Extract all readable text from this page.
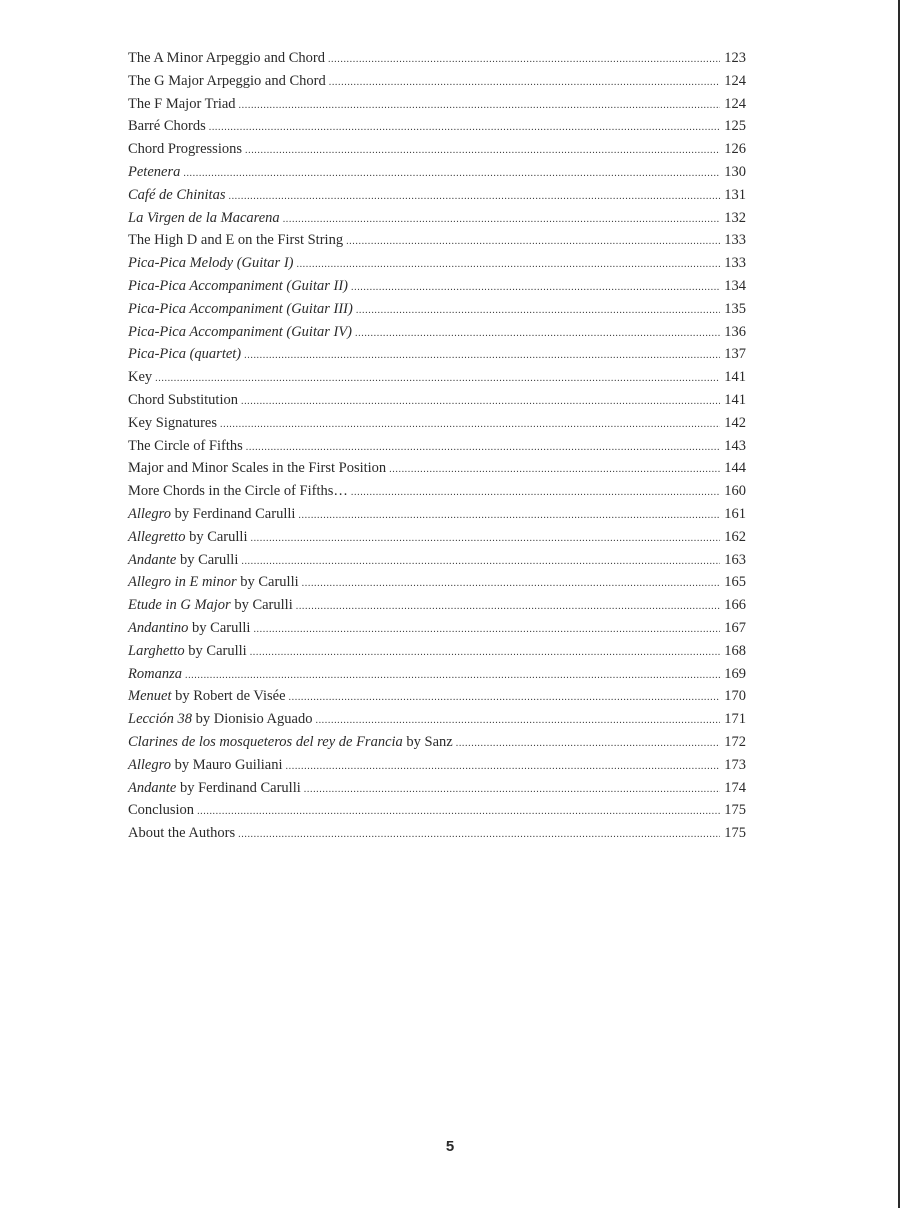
The A Minor Arpeggio and Chord .....	123
The G Major Arpeggio and Chord .....	124
The F Major Triad .....	124
Barré Chords .....	125
Chord Progressions .....	126
Petenera .....	130
Café de Chinitas .....	131
La Virgen de la Macarena .....	132
The High D and E on the First String .....	133
Pica-Pica Melody (Guitar I) .....	133
Pica-Pica Accompaniment (Guitar II) .....	134
Pica-Pica Accompaniment (Guitar III) .....	135
Pica-Pica Accompaniment (Guitar IV) .....	136
Pica-Pica (quartet) .....	137
Key .....	141
Chord Substitution .....	141
Key Signatures .....	142
The Circle of Fifths .....	143
Major and Minor Scales in the First Position .....	144
More Chords in the Circle of Fifths… .....	160
Allegro by Ferdinand Carulli .....	161
Allegretto by Carulli .....	162
Andante by Carulli .....	163
Allegro in E minor by Carulli .....	165
Etude in G Major by Carulli .....	166
Andantino by Carulli .....	167
Larghetto by Carulli .....	168
Romanza .....	169
Menuet by Robert de Visée .....	170
Lección 38 by Dionisio Aguado .....	171
Clarines de los mosqueteros del rey de Francia by Sanz .....	172
Allegro by Mauro Guiliani .....	173
Andante by Ferdinand Carulli .....	174
Conclusion .....	175
About the Authors .....	175
5
